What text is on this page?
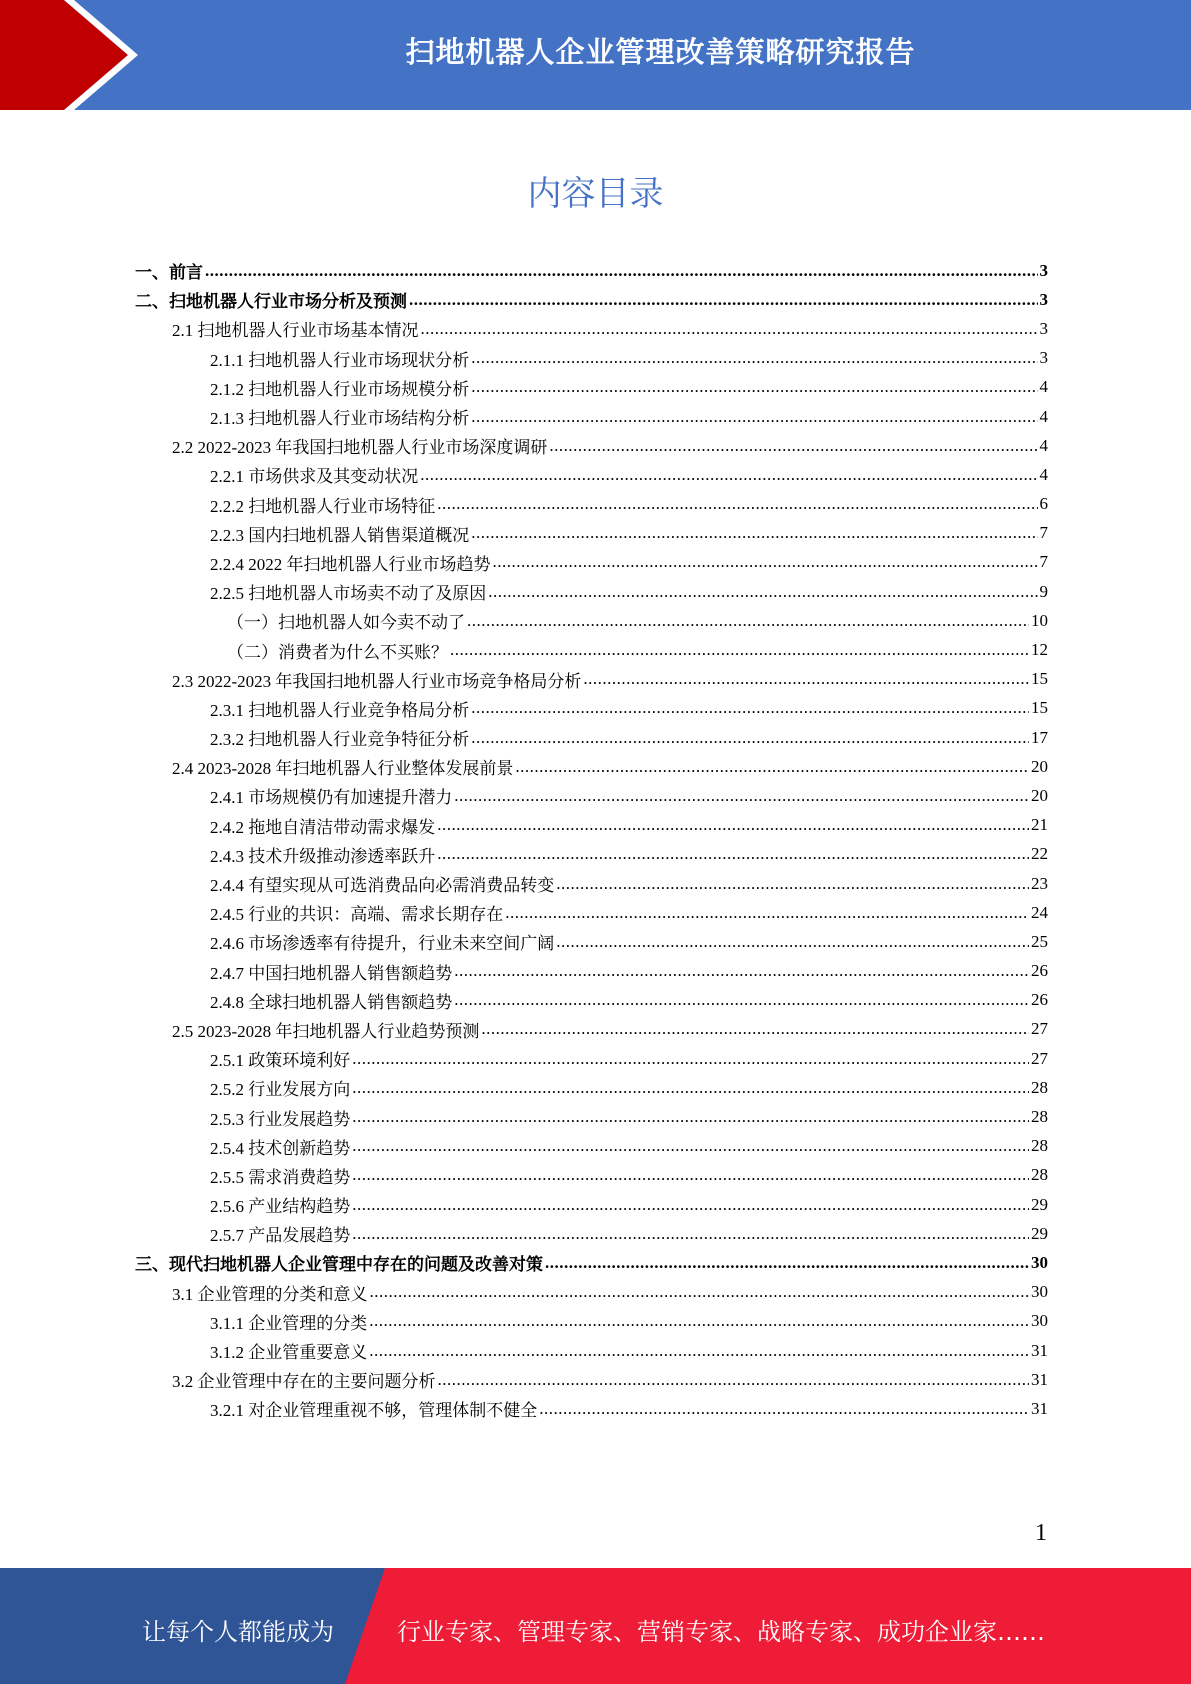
扫地机器人企业管理改善策略研究报告
内容目录
一、前言 .....	3
二、扫地机器人行业市场分析及预测 .....	3
2.1 扫地机器人行业市场基本情况 .....	3
2.1.1 扫地机器人行业市场现状分析 .....	3
2.1.2 扫地机器人行业市场规模分析 .....	4
2.1.3 扫地机器人行业市场结构分析 .....	4
2.2 2022-2023 年我国扫地机器人行业市场深度调研 .....	4
2.2.1 市场供求及其变动状况 .....	4
2.2.2 扫地机器人行业市场特征 .....	6
2.2.3 国内扫地机器人销售渠道概况 .....	7
2.2.4 2022 年扫地机器人行业市场趋势 .....	7
2.2.5 扫地机器人市场卖不动了及原因 .....	9
（一）扫地机器人如今卖不动了 .....	10
（二）消费者为什么不买账？ .....	12
2.3 2022-2023 年我国扫地机器人行业市场竞争格局分析 .....	15
2.3.1 扫地机器人行业竞争格局分析 .....	15
2.3.2 扫地机器人行业竞争特征分析 .....	17
2.4 2023-2028 年扫地机器人行业整体发展前景 .....	20
2.4.1 市场规模仍有加速提升潜力 .....	20
2.4.2 拖地自清洁带动需求爆发 .....	21
2.4.3 技术升级推动渗透率跃升 .....	22
2.4.4 有望实现从可选消费品向必需消费品转变 .....	23
2.4.5 行业的共识：高端、需求长期存在 .....	24
2.4.6 市场渗透率有待提升，行业未来空间广阔 .....	25
2.4.7 中国扫地机器人销售额趋势 .....	26
2.4.8 全球扫地机器人销售额趋势 .....	26
2.5 2023-2028 年扫地机器人行业趋势预测 .....	27
2.5.1 政策环境利好 .....	27
2.5.2 行业发展方向 .....	28
2.5.3 行业发展趋势 .....	28
2.5.4 技术创新趋势 .....	28
2.5.5 需求消费趋势 .....	28
2.5.6 产业结构趋势 .....	29
2.5.7 产品发展趋势 .....	29
三、现代扫地机器人企业管理中存在的问题及改善对策 .....	30
3.1 企业管理的分类和意义 .....	30
3.1.1 企业管理的分类 .....	30
3.1.2 企业管重要意义 .....	31
3.2 企业管理中存在的主要问题分析 .....	31
3.2.1 对企业管理重视不够，管理体制不健全 .....	31
1
让每个人都能成为	行业专家、管理专家、营销专家、战略专家、成功企业家……
